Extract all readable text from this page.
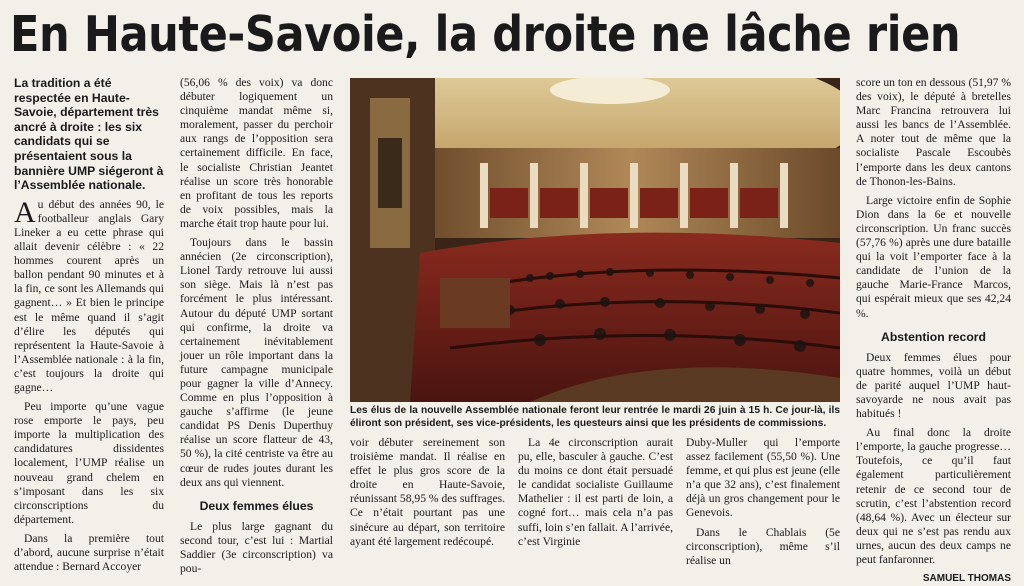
En Haute-Savoie, la droite ne lâche rien

La tradition a été respectée en Haute-Savoie, département très ancré à droite : les six candidats qui se présentaient sous la bannière UMP siégeront à l’Assemblée nationale.

Au début des années 90, le footballeur anglais Gary Lineker a eu cette phrase qui allait devenir célèbre : « 22 hommes courent après un ballon pendant 90 minutes et à la fin, ce sont les Allemands qui gagnent… » Et bien le principe est le même quand il s’agit d’élire les députés qui représentent la Haute-Savoie à l’Assemblée nationale : à la fin, c’est toujours la droite qui gagne…

Peu importe qu’une vague rose emporte le pays, peu importe la multiplication des candidatures dissidentes localement, l’UMP réalise un nouveau grand chelem en s’imposant dans les six circonscriptions du département.

Dans la première tout d’abord, aucune surprise n’était attendue : Bernard Accoyer

(56,06 % des voix) va donc débuter logiquement un cinquième mandat même si, moralement, passer du perchoir aux rangs de l’opposition sera certainement difficile. En face, le socialiste Christian Jeantet réalise un score très honorable en profitant de tous les reports de voix possibles, mais la marche était trop haute pour lui.

Toujours dans le bassin annécien (2e circonscription), Lionel Tardy retrouve lui aussi son siège. Mais là n’est pas forcément le plus intéressant. Autour du député UMP sortant qui confirme, la droite va certainement inévitablement jouer un rôle important dans la future campagne municipale pour gagner la ville d’Annecy. Comme en plus l’opposition à gauche s’affirme (le jeune candidat PS Denis Duperthuy réalise un score flatteur de 43, 50 %), la cité centriste va être au cœur de rudes joutes durant les deux ans qui viennent.

Deux femmes élues

Le plus large gagnant du second tour, c’est lui : Martial Saddier (3e circonscription) va pou-

Les élus de la nouvelle Assemblée nationale feront leur rentrée le mardi 26 juin à 15 h. Ce jour-là, ils éliront son président, ses vice-présidents, les questeurs ainsi que les présidents de commissions.

voir débuter sereinement son troisième mandat. Il réalise en effet le plus gros score de la droite en Haute-Savoie, réunissant 58,95 % des suffrages. Ce n’était pourtant pas une sinécure au départ, son territoire ayant été largement redécoupé.

La 4e circonscription aurait pu, elle, basculer à gauche. C’est du moins ce dont était persuadé le candidat socialiste Guillaume Mathelier : il est parti de loin, a cogné fort… mais cela n’a pas suffi, loin s’en fallait. A l’arrivée, c’est Virginie

Duby-Muller qui l’emporte assez facilement (55,50 %). Une femme, et qui plus est jeune (elle n’a que 32 ans), c’est finalement déjà un gros changement pour le Genevois.

Dans le Chablais (5e circonscription), même s’il réalise un

score un ton en dessous (51,97 % des voix), le député à bretelles Marc Francina retrouvera lui aussi les bancs de l’Assemblée. A noter tout de même que la socialiste Pascale Escoubès l’emporte dans les deux cantons de Thonon-les-Bains.

Large victoire enfin de Sophie Dion dans la 6e et nouvelle circonscription. Un franc succès (57,76 %) après une dure bataille qui la voit l’emporter face à la candidate de l’union de la gauche Marie-France Marcos, qui espérait mieux que ses 42,24 %.

Abstention record

Deux femmes élues pour quatre hommes, voilà un début de parité auquel l’UMP haut-savoyarde ne nous avait pas habitués !

Au final donc la droite l’emporte, la gauche progresse… Toutefois, ce qu’il faut également particulièrement retenir de ce second tour de scrutin, c’est l’abstention record (48,64 %). Avec un électeur sur deux qui ne s’est pas rendu aux urnes, aucun des deux camps ne peut fanfaronner.

SAMUEL THOMAS
